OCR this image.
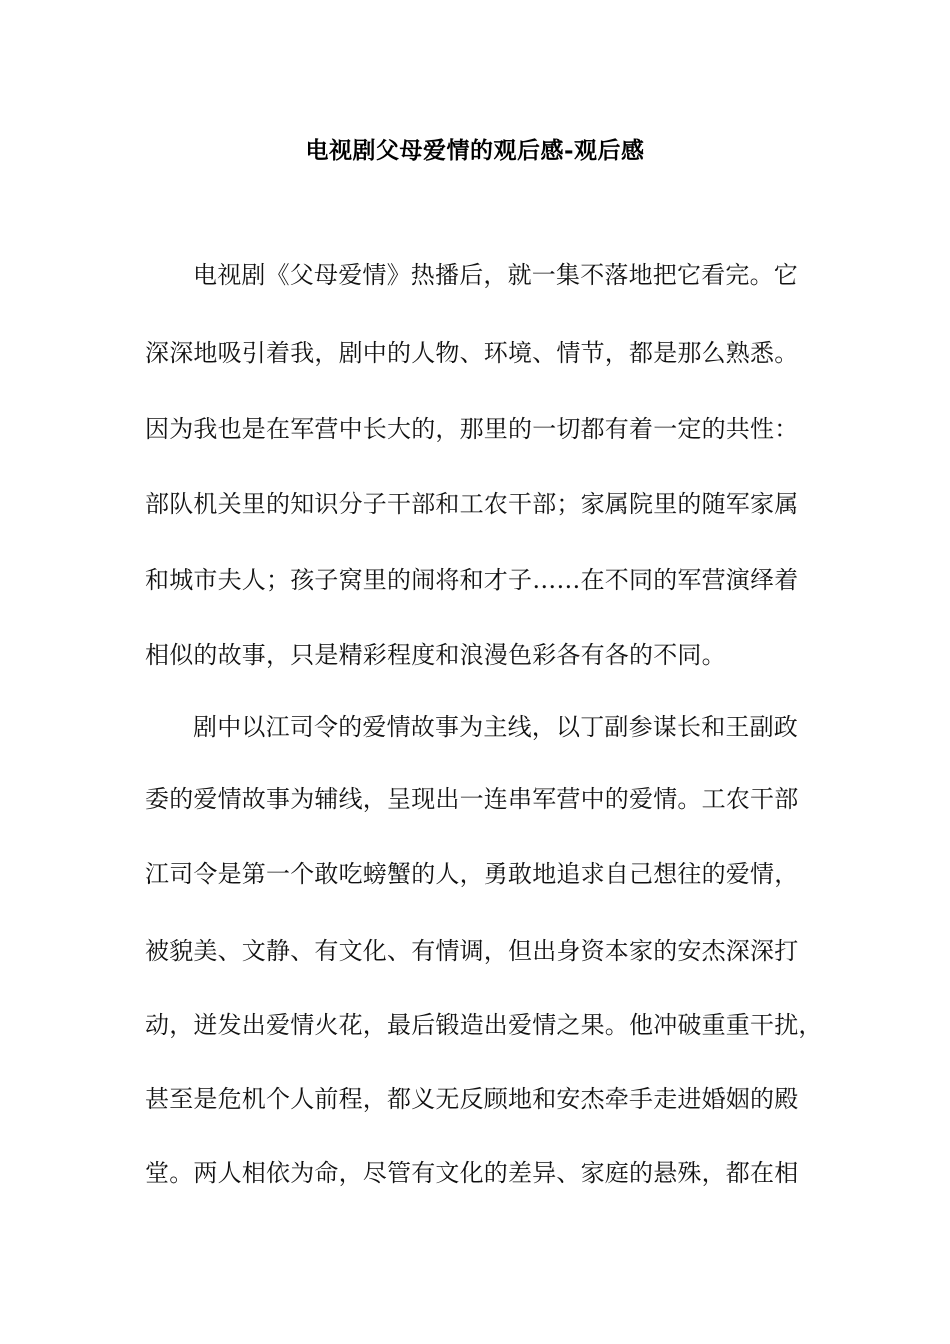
电视剧父母爱情的观后感-观后感
电视剧《父母爱情》热播后，就一集不落地把它看完。它
深深地吸引着我，剧中的人物、环境、情节，都是那么熟悉。
因为我也是在军营中长大的，那里的一切都有着一定的共性：
部队机关里的知识分子干部和工农干部；家属院里的随军家属
和城市夫人；孩子窝里的闹将和才子……在不同的军营演绎着
相似的故事，只是精彩程度和浪漫色彩各有各的不同。
剧中以江司令的爱情故事为主线，以丁副参谋长和王副政
委的爱情故事为辅线，呈现出一连串军营中的爱情。工农干部
江司令是第一个敢吃螃蟹的人，勇敢地追求自己想往的爱情，
被貌美、文静、有文化、有情调，但出身资本家的安杰深深打
动，迸发出爱情火花，最后锻造出爱情之果。他冲破重重干扰，
甚至是危机个人前程，都义无反顾地和安杰牵手走进婚姻的殿
堂。两人相依为命，尽管有文化的差异、家庭的悬殊，都在相
